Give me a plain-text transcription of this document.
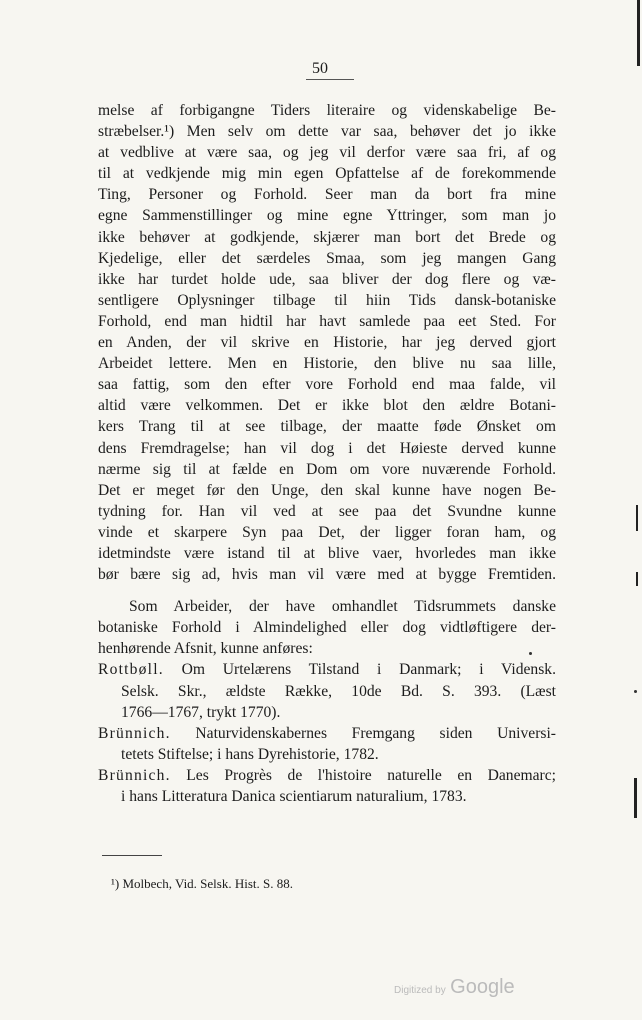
50
melse af forbigangne Tiders literaire og videnskabelige Be-
stræbelser.¹) Men selv om dette var saa, behøver det jo ikke
at vedblive at være saa, og jeg vil derfor være saa fri, af og
til at vedkjende mig min egen Opfattelse af de forekommende
Ting, Personer og Forhold. Seer man da bort fra mine
egne Sammenstillinger og mine egne Yttringer, som man jo
ikke behøver at godkjende, skjærer man bort det Brede og
Kjedelige, eller det særdeles Smaa, som jeg mangen Gang
ikke har turdet holde ude, saa bliver der dog flere og væ-
sentligere Oplysninger tilbage til hiin Tids dansk-botaniske
Forhold, end man hidtil har havt samlede paa eet Sted. For
en Anden, der vil skrive en Historie, har jeg derved gjort
Arbeidet lettere. Men en Historie, den blive nu saa lille,
saa fattig, som den efter vore Forhold end maa falde, vil
altid være velkommen. Det er ikke blot den ældre Botani-
kers Trang til at see tilbage, der maatte føde Ønsket om
dens Fremdragelse; han vil dog i det Høieste derved kunne
nærme sig til at fælde en Dom om vore nuværende Forhold.
Det er meget før den Unge, den skal kunne have nogen Be-
tydning for. Han vil ved at see paa det Svundne kunne
vinde et skarpere Syn paa Det, der ligger foran ham, og
idetmindste være istand til at blive vaer, hvorledes man ikke
bør bære sig ad, hvis man vil være med at bygge Fremtiden.
Som Arbeider, der have omhandlet Tidsrummets danske
botaniske Forhold i Almindelighed eller dog vidtløftigere der-
henhørende Afsnit, kunne anføres:
Rottbøll. Om Urtelærens Tilstand i Danmark; i Vidensk.
Selsk. Skr., ældste Række, 10de Bd. S. 393. (Læst
1766—1767, trykt 1770).
Brünnich. Naturvidenskabernes Fremgang siden Universi-
tetets Stiftelse; i hans Dyrehistorie, 1782.
Brünnich. Les Progrès de l'histoire naturelle en Danemarc;
i hans Litteratura Danica scientiarum naturalium, 1783.
¹) Molbech, Vid. Selsk. Hist. S. 88.
Digitized by Google
